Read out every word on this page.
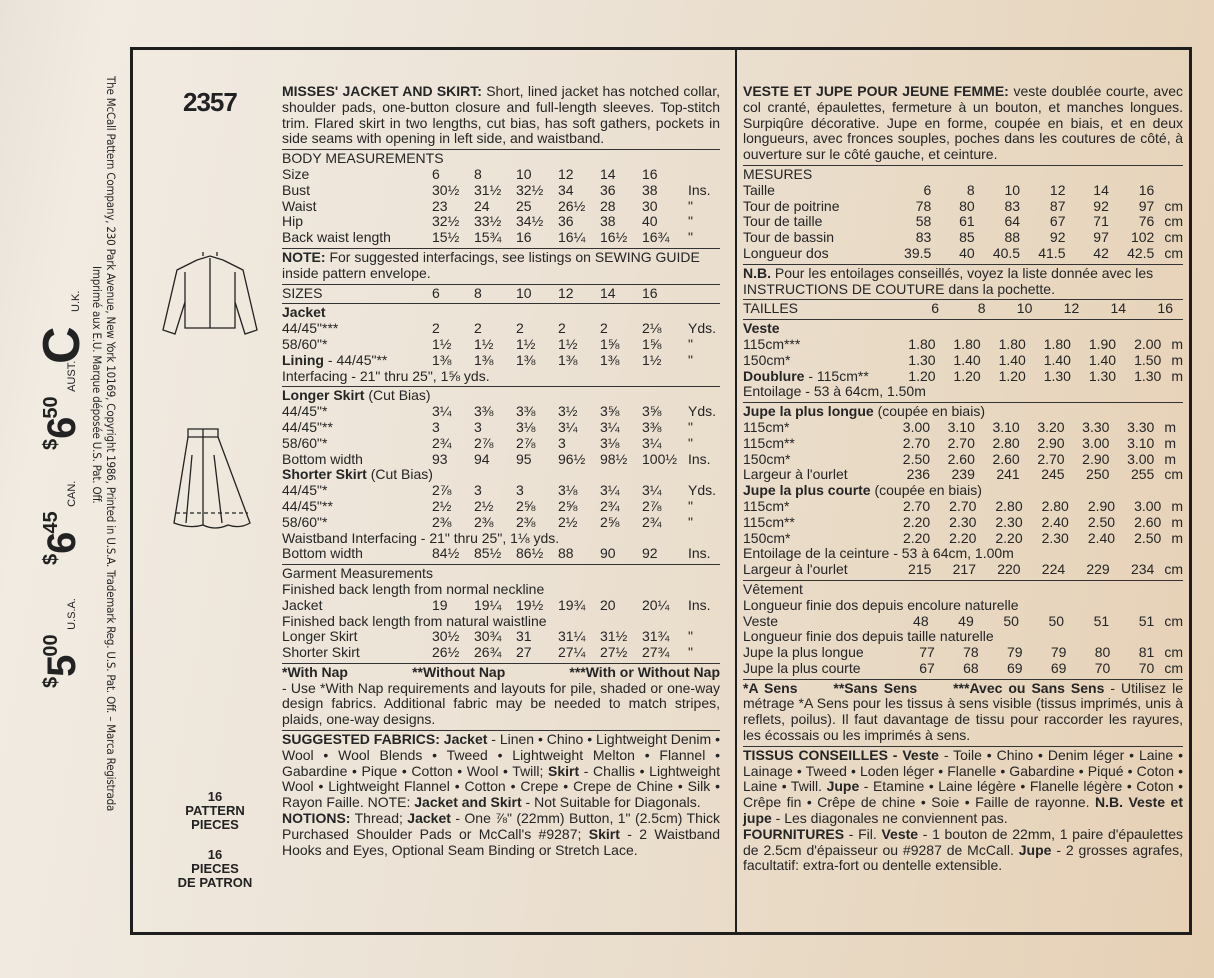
The McCall Pattern Company, 230 Park Avenue, New York 10169, Copyright 1986, Printed in U.S.A. Trademark Reg. U.S. Pat. Off. – Marca Registrada
Imprimé aux E.U. Marque déposée U.S. Pat. Off.
$500 U.S.A.
$645 CAN.
$650 AUST.
C U.K.
2357
16
PATTERN
PIECES
16
PIECES
DE PATRON
MISSES' JACKET AND SKIRT: Short, lined jacket has notched collar, shoulder pads, one-button closure and full-length sleeves. Top-stitch trim. Flared skirt in two lengths, cut bias, has soft gathers, pockets in side seams with opening in left side, and waistband.
BODY MEASUREMENTS
Size	6	8	10	12	14	16	
Bust	30½	31½	32½	34	36	38	Ins.
Waist	23	24	25	26½	28	30	"
Hip	32½	33½	34½	36	38	40	"
Back waist length	15½	15¾	16	16¼	16½	16¾	"
NOTE: For suggested interfacings, see listings on SEWING GUIDE inside pattern envelope.
SIZES	6	8	10	12	14	16	
Jacket
44/45"***	2	2	2	2	2	2⅛	Yds.
58/60"*	1½	1½	1½	1½	1⅝	1⅝	"
Lining - 44/45"**	1⅜	1⅜	1⅜	1⅜	1⅜	1½	"
Interfacing - 21" thru 25", 1⅝ yds.
Longer Skirt (Cut Bias)
44/45"*	3¼	3⅜	3⅜	3½	3⅝	3⅝	Yds.
44/45"**	3	3	3⅛	3¼	3¼	3⅜	"
58/60"*	2¾	2⅞	2⅞	3	3⅛	3¼	"
Bottom width	93	94	95	96½	98½	100½	Ins.
Shorter Skirt (Cut Bias)
44/45"*	2⅞	3	3	3⅛	3¼	3¼	Yds.
44/45"**	2½	2½	2⅝	2⅝	2¾	2⅞	"
58/60"*	2⅜	2⅜	2⅜	2½	2⅝	2¾	"
Waistband Interfacing - 21" thru 25", 1⅛ yds.
Bottom width	84½	85½	86½	88	90	92	Ins.
Garment Measurements
Finished back length from normal neckline
Jacket	19	19¼	19½	19¾	20	20¼	Ins.
Finished back length from natural waistline
Longer Skirt	30½	30¾	31	31¼	31½	31¾	"
Shorter Skirt	26½	26¾	27	27¼	27½	27¾	"
*With Nap	**Without Nap	***With or Without Nap
- Use *With Nap requirements and layouts for pile, shaded or one-way design fabrics. Additional fabric may be needed to match stripes, plaids, one-way designs.
SUGGESTED FABRICS: Jacket - Linen • Chino • Lightweight Denim • Wool • Wool Blends • Tweed • Lightweight Melton • Flannel • Gabardine • Pique • Cotton • Wool • Twill; Skirt - Challis • Lightweight Wool • Lightweight Flannel • Cotton • Crepe • Crepe de Chine • Silk • Rayon Faille. NOTE: Jacket and Skirt - Not Suitable for Diagonals.
NOTIONS: Thread; Jacket - One ⅞" (22mm) Button, 1" (2.5cm) Thick Purchased Shoulder Pads or McCall's #9287; Skirt - 2 Waistband Hooks and Eyes, Optional Seam Binding or Stretch Lace.
VESTE ET JUPE POUR JEUNE FEMME: veste doublée courte, avec col cranté, épaulettes, fermeture à un bouton, et manches longues. Surpiqûre décorative. Jupe en forme, coupée en biais, et en deux longueurs, avec fronces souples, poches dans les coutures de côté, à ouverture sur le côté gauche, et ceinture.
MESURES
Taille	6	8	10	12	14	16	
Tour de poitrine	78	80	83	87	92	97	cm
Tour de taille	58	61	64	67	71	76	cm
Tour de bassin	83	85	88	92	97	102	cm
Longueur dos	39.5	40	40.5	41.5	42	42.5	cm
N.B. Pour les entoilages conseillés, voyez la liste donnée avec les INSTRUCTIONS DE COUTURE dans la pochette.
TAILLES	6	8	10	12	14	16	
Veste
115cm***	1.80	1.80	1.80	1.80	1.90	2.00	m
150cm*	1.30	1.40	1.40	1.40	1.40	1.50	m
Doublure - 115cm**	1.20	1.20	1.20	1.30	1.30	1.30	m
Entoilage - 53 à 64cm, 1.50m
Jupe la plus longue (coupée en biais)
115cm*	3.00	3.10	3.10	3.20	3.30	3.30	m
115cm**	2.70	2.70	2.80	2.90	3.00	3.10	m
150cm*	2.50	2.60	2.60	2.70	2.90	3.00	m
Largeur à l'ourlet	236	239	241	245	250	255	cm
Jupe la plus courte (coupée en biais)
115cm*	2.70	2.70	2.80	2.80	2.90	3.00	m
115cm**	2.20	2.30	2.30	2.40	2.50	2.60	m
150cm*	2.20	2.20	2.20	2.30	2.40	2.50	m
Entoilage de la ceinture - 53 à 64cm, 1.00m
Largeur à l'ourlet	215	217	220	224	229	234	cm
Vêtement
Longueur finie dos depuis encolure naturelle
Veste	48	49	50	50	51	51	cm
Longueur finie dos depuis taille naturelle
Jupe la plus longue	77	78	79	79	80	81	cm
Jupe la plus courte	67	68	69	69	70	70	cm
*A Sens	**Sans Sens	***Avec ou Sans Sens - Utilisez le métrage *A Sens pour les tissus à sens visible (tissus imprimés, unis à reflets, poilus). Il faut davantage de tissu pour raccorder les rayures, les écossais ou les imprimés à sens.
TISSUS CONSEILLES - Veste - Toile • Chino • Denim léger • Laine • Lainage • Tweed • Loden léger • Flanelle • Gabardine • Piqué • Coton • Laine • Twill. Jupe - Etamine • Laine légère • Flanelle légère • Coton • Crêpe fin • Crêpe de chine • Soie • Faille de rayonne. N.B. Veste et jupe - Les diagonales ne conviennent pas.
FOURNITURES - Fil. Veste - 1 bouton de 22mm, 1 paire d'épaulettes de 2.5cm d'épaisseur ou #9287 de McCall. Jupe - 2 grosses agrafes, facultatif: extra-fort ou dentelle extensible.
